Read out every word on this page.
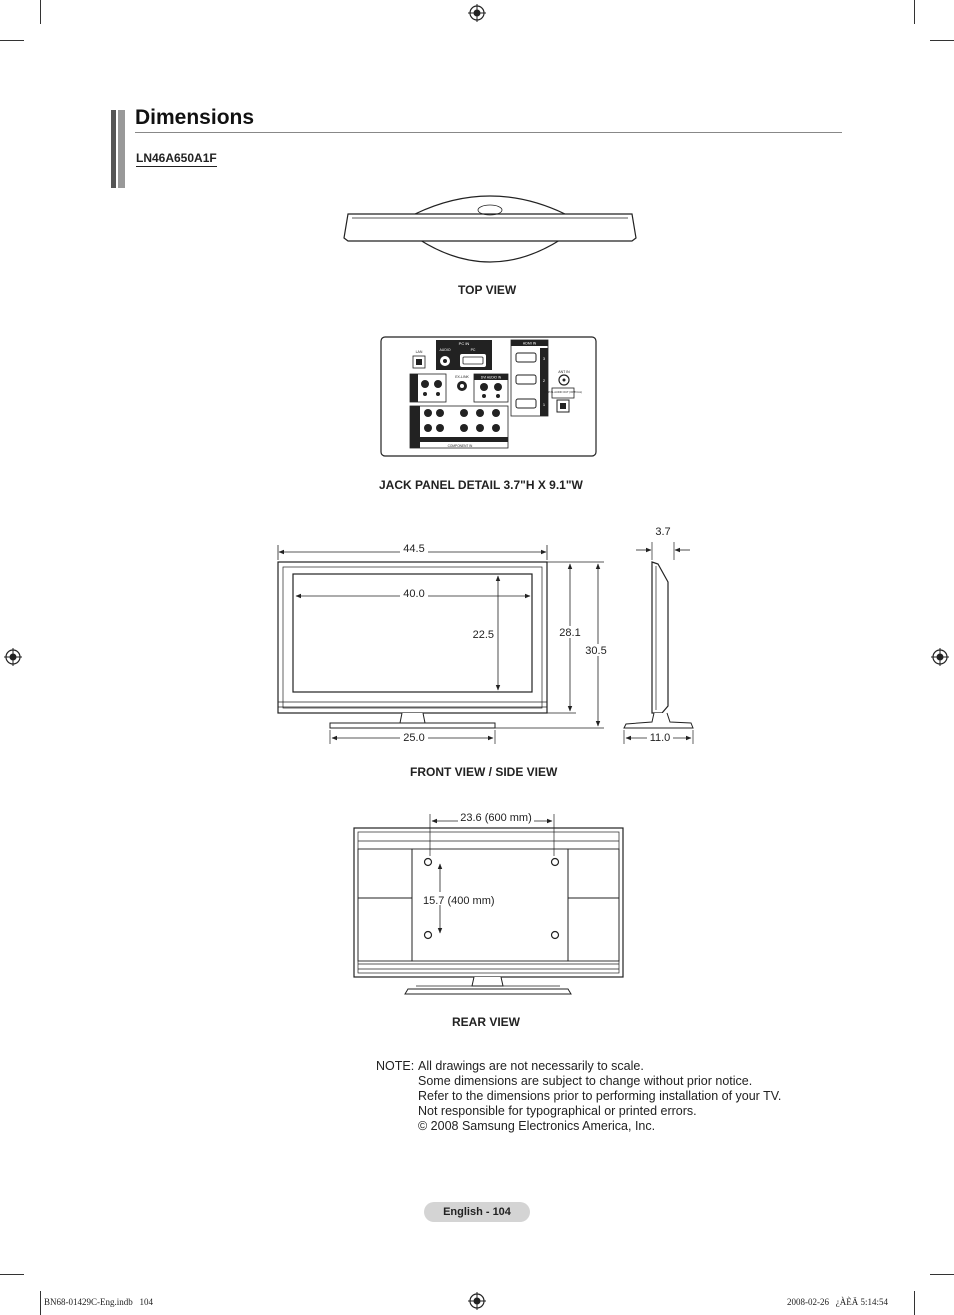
Dimensions
LN46A650A1F
TOP VIEW
PC IN
AUDIO	PC
LAN
EX-LINK	DVI AUDIO IN
COMPONENT IN
HDMI IN
3
2
1
ANT IN
DIGITAL AUDIO OUT (OPTICAL)
JACK PANEL DETAIL 3.7"H X 9.1"W
44.5
40.0
22.5	28.1
30.5
25.0
3.7
11.0
FRONT VIEW / SIDE VIEW
23.6 (600 mm)
15.7 (400 mm)
REAR VIEW
NOTE: All drawings are not necessarily to scale.
Some dimensions are subject to change without prior notice.
Refer to the dimensions prior to performing installation of your TV.
Not responsible for typographical or printed errors.
© 2008 Samsung Electronics America, Inc.
English - 104
BN68-01429C-Eng.indb   104	2008-02-26   ¿ÀÈÄ 5:14:54
